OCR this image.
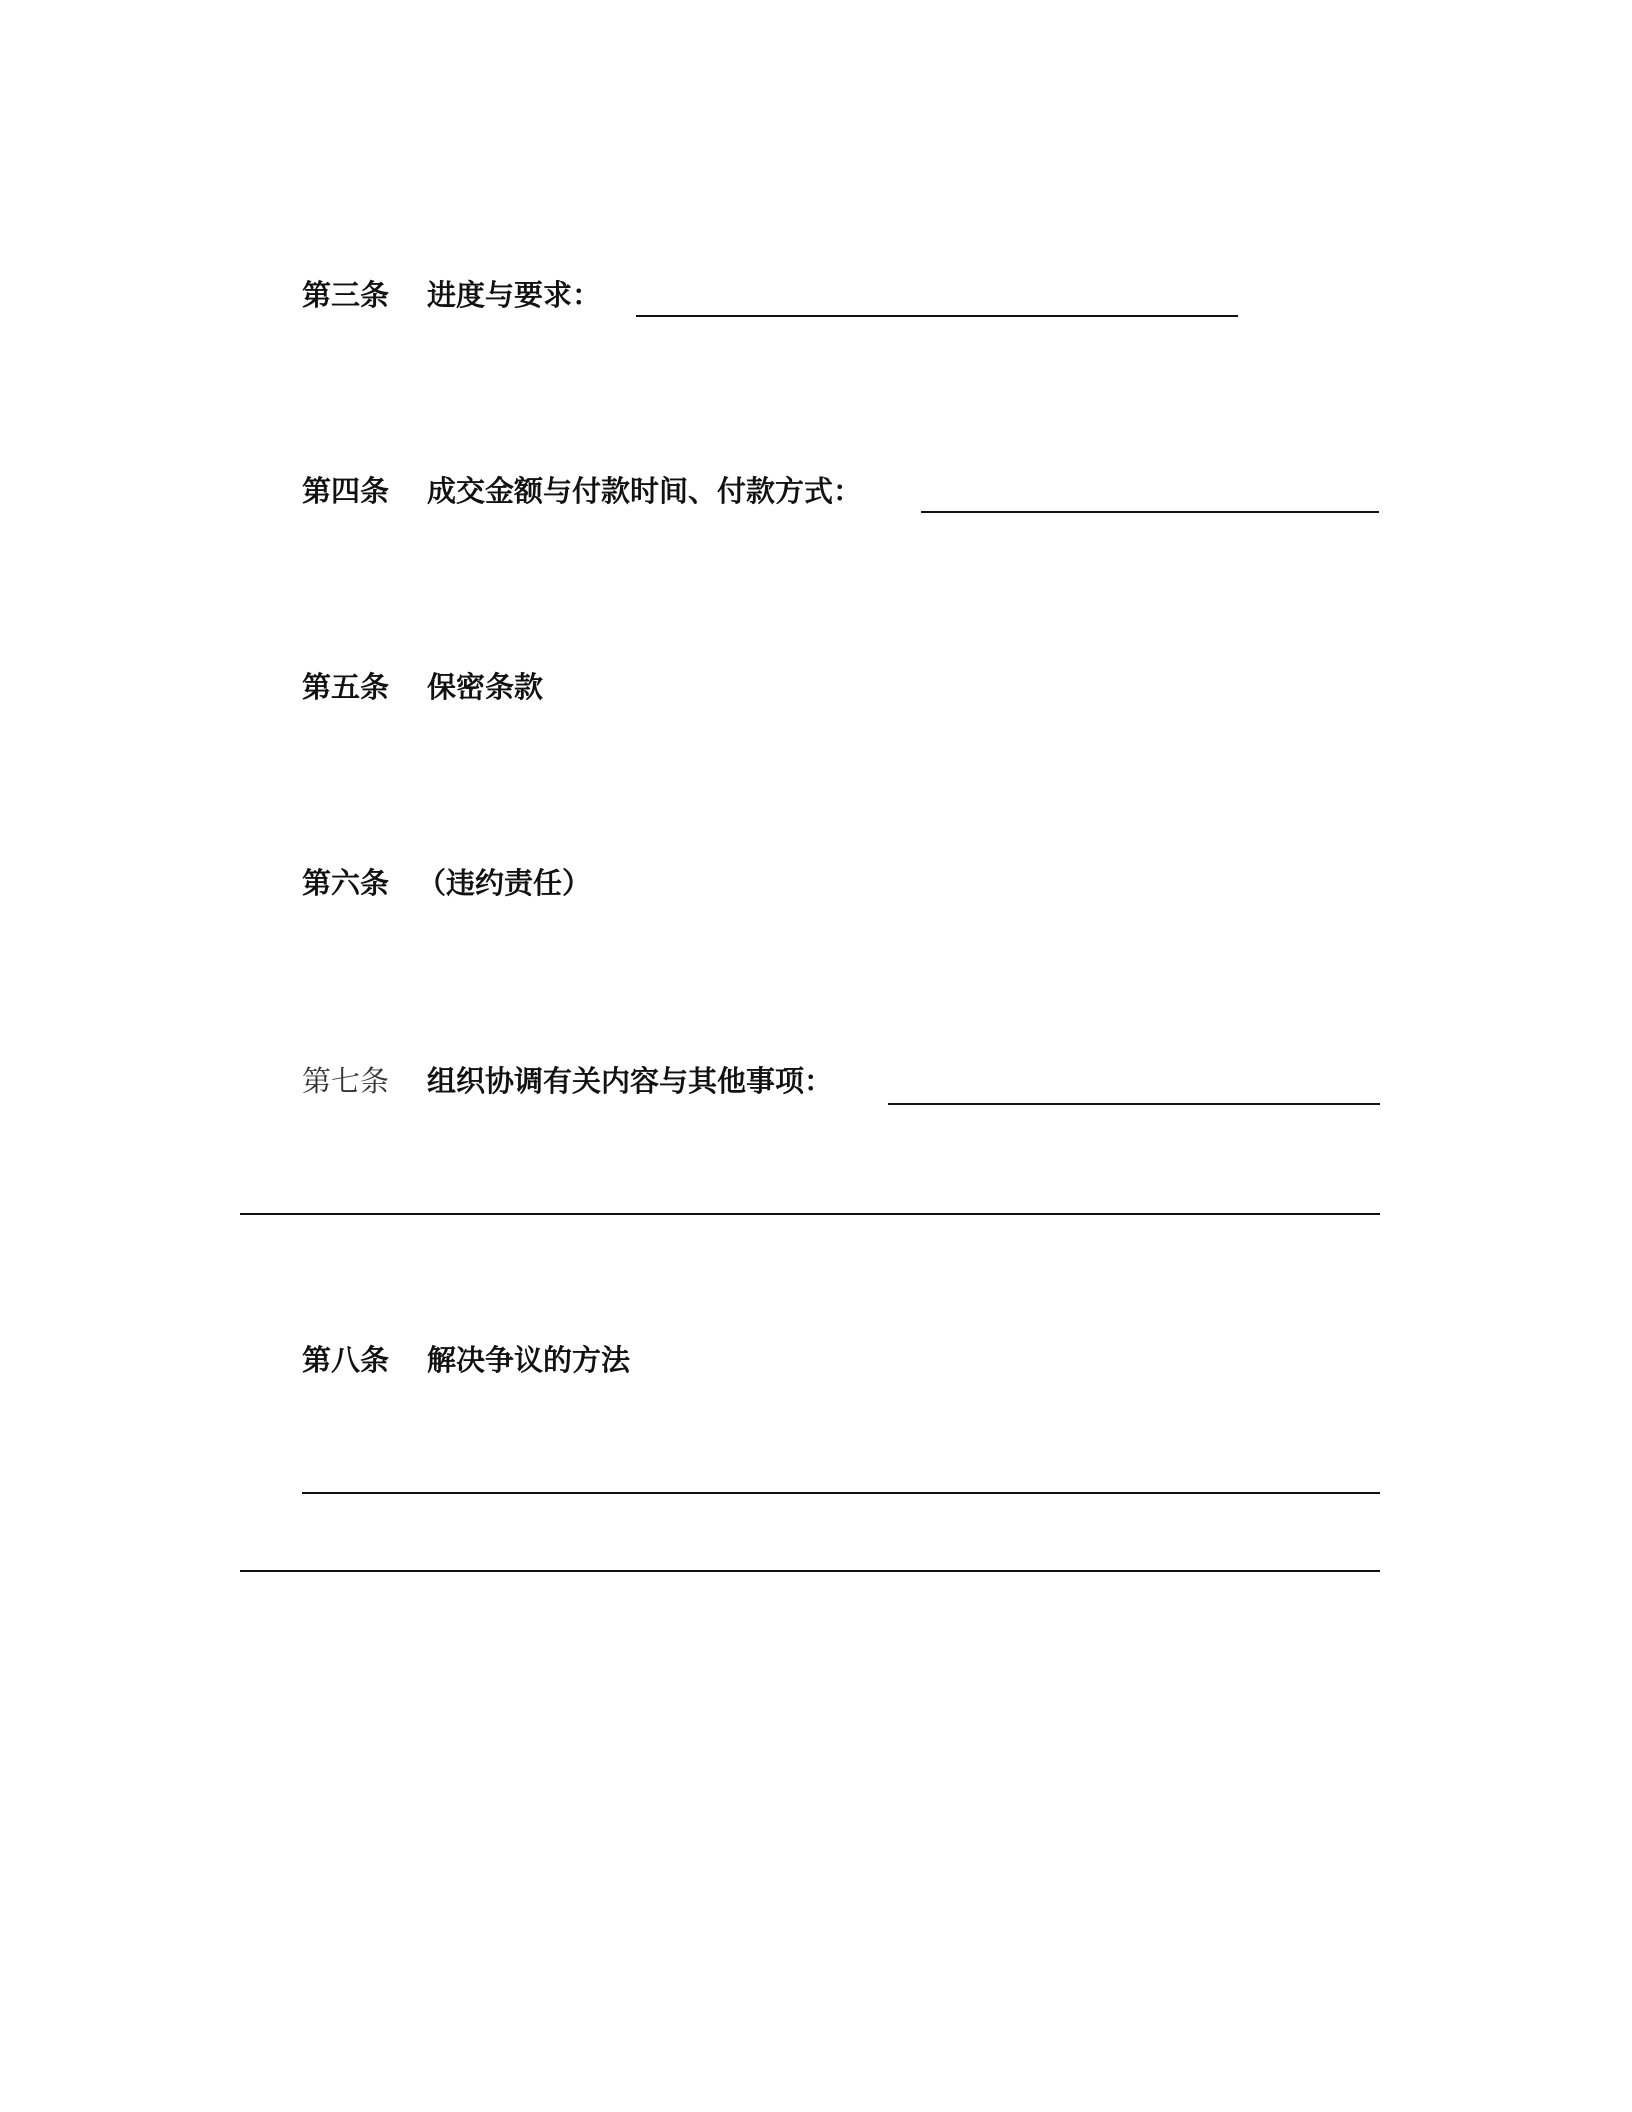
第三条 进度与要求：
第四条 成交金额与付款时间、付款方式：
第五条 保密条款
第六条 （违约责任）
第七条 组织协调有关内容与其他事项：
第八条 解决争议的方法
